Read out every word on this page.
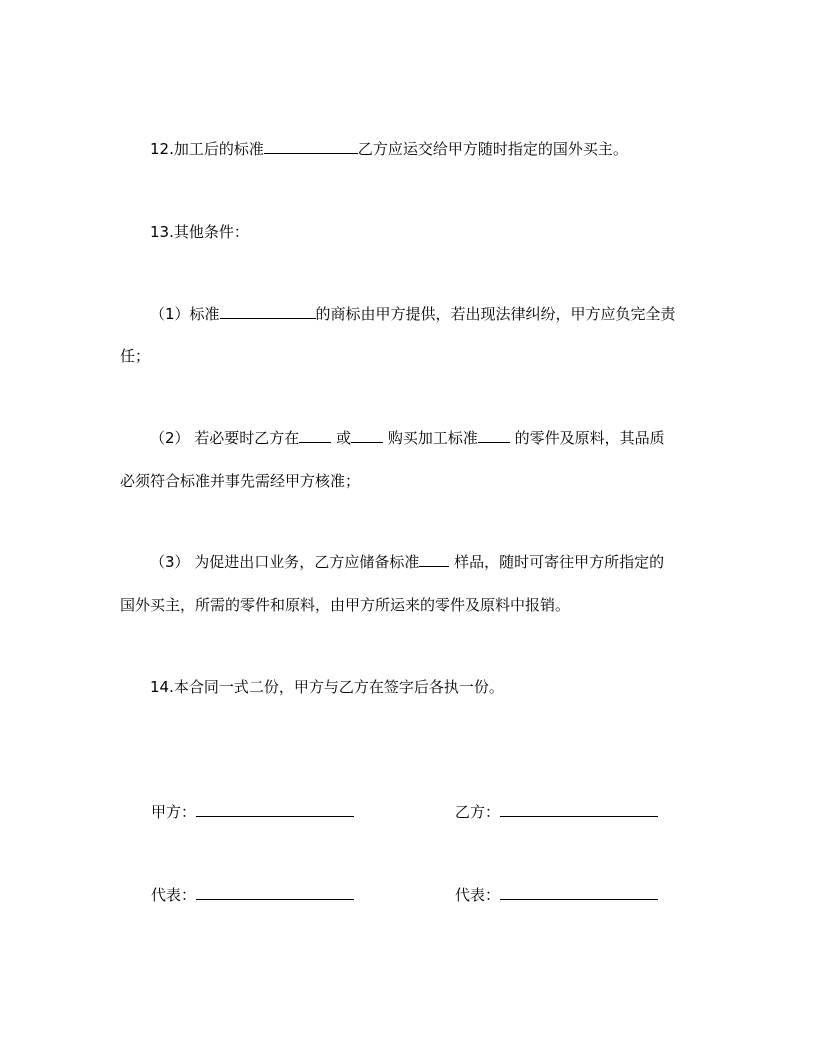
12.加工后的标准	乙方应运交给甲方随时指定的国外买主。
13.其他条件：
（1）标准	的商标由甲方提供，若出现法律纠纷，甲方应负完全责
任；
（2） 若必要时乙方在 或 购买加工标准 的零件及原料，其品质
必须符合标准并事先需经甲方核准；
（3） 为促进出口业务，乙方应储备标准 样品，随时可寄往甲方所指定的
国外买主，所需的零件和原料，由甲方所运来的零件及原料中报销。
14.本合同一式二份，甲方与乙方在签字后各执一份。
甲方：	乙方：
代表：	代表：
